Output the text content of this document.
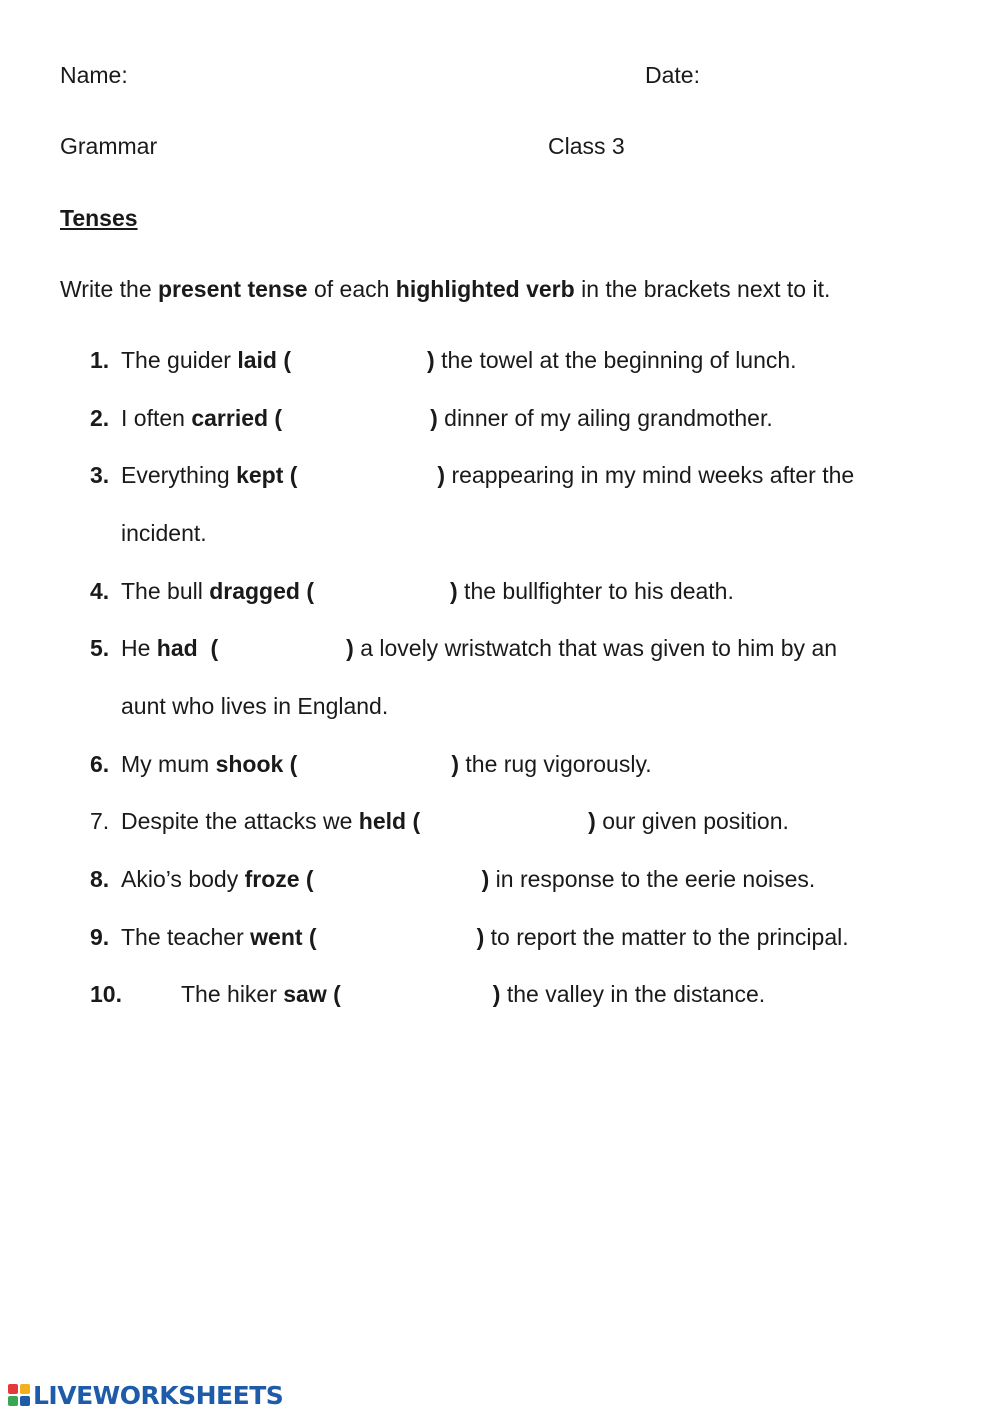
Name:	Date:
Grammar	Class 3
Tenses
Write the present tense of each highlighted verb in the brackets next to it.
1. The guider laid (	) the towel at the beginning of lunch.
2. I often carried (	) dinner of my ailing grandmother.
3. Everything kept (	) reappearing in my mind weeks after the
incident.
4. The bull dragged (	) the bullfighter to his death.
5. He had  (	) a lovely wristwatch that was given to him by an
aunt who lives in England.
6. My mum shook (	) the rug vigorously.
7. Despite the attacks we held (	) our given position.
8. Akio’s body froze (	) in response to the eerie noises.
9. The teacher went (	) to report the matter to the principal.
10.	The hiker saw (	) the valley in the distance.
LIVEWORKSHEETS
